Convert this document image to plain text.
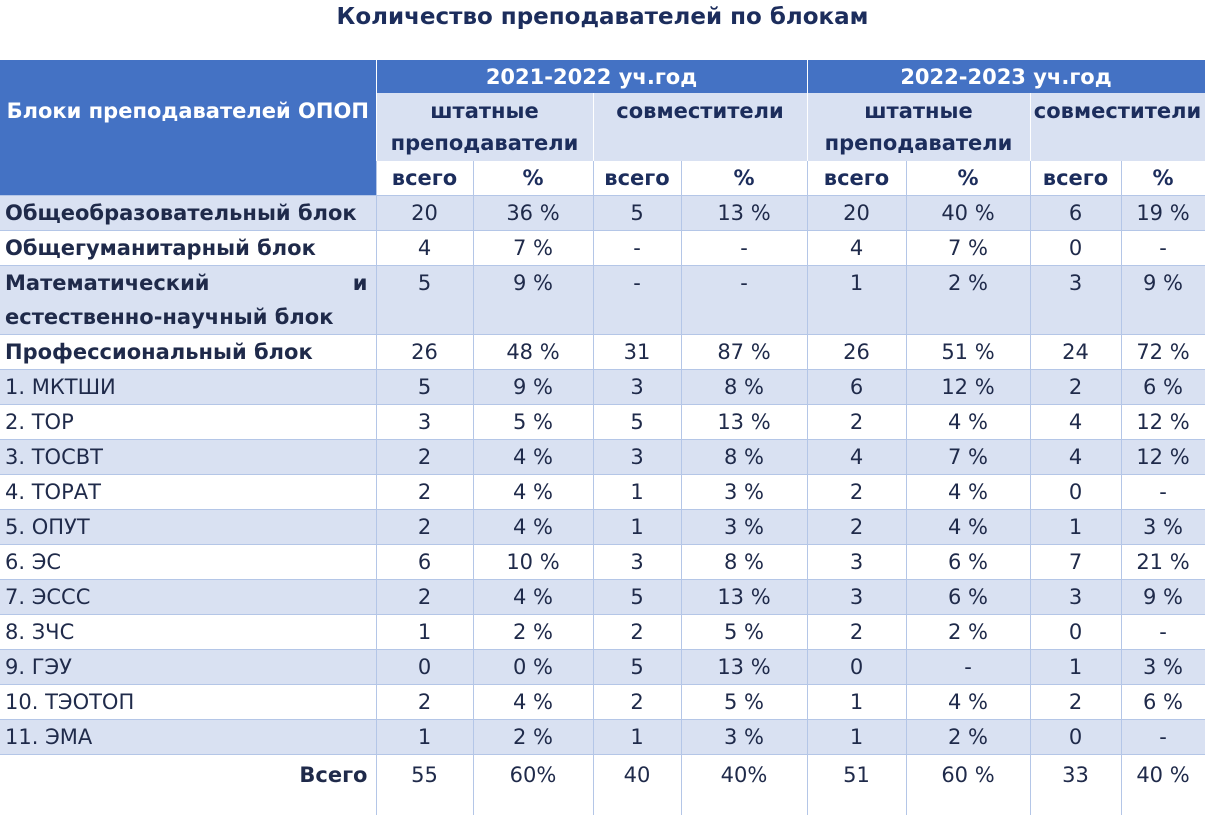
Количество преподавателей по блокам
Блоки преподавателей ОПОП	2021-2022 уч.год				2022-2023 уч.год			
	штатные преподаватели		совместители		штатные преподаватели		совместители	
	всего	%	всего	%	всего	%	всего	%
Общеобразовательный блок	20	36 %	5	13 %	20	40 %	6	19 %
Общегуманитарный блок	4	7 %	-	-	4	7 %	0	-

Математический и
естественно-научный блок	5	9 %	-	-	1	2 %	3	9 %
Профессиональный блок	26	48 %	31	87 %	26	51 %	24	72 %
1. МКТШИ	5	9 %	3	8 %	6	12 %	2	6 %
2. ТОР	3	5 %	5	13 %	2	4 %	4	12 %
3. ТОСВТ	2	4 %	3	8 %	4	7 %	4	12 %
4. ТОРАТ	2	4 %	1	3 %	2	4 %	0	-
5. ОПУТ	2	4 %	1	3 %	2	4 %	1	3 %
6. ЭС	6	10 %	3	8 %	3	6 %	7	21 %
7. ЭССС	2	4 %	5	13 %	3	6 %	3	9 %
8. ЗЧС	1	2 %	2	5 %	2	2 %	0	-
9. ГЭУ	0	0 %	5	13 %	0	-	1	3 %
10. ТЭОТОП	2	4 %	2	5 %	1	4 %	2	6 %
11. ЭМА	1	2 %	1	3 %	1	2 %	0	-
Всего	55	60%	40	40%	51	60 %	33	40 %
